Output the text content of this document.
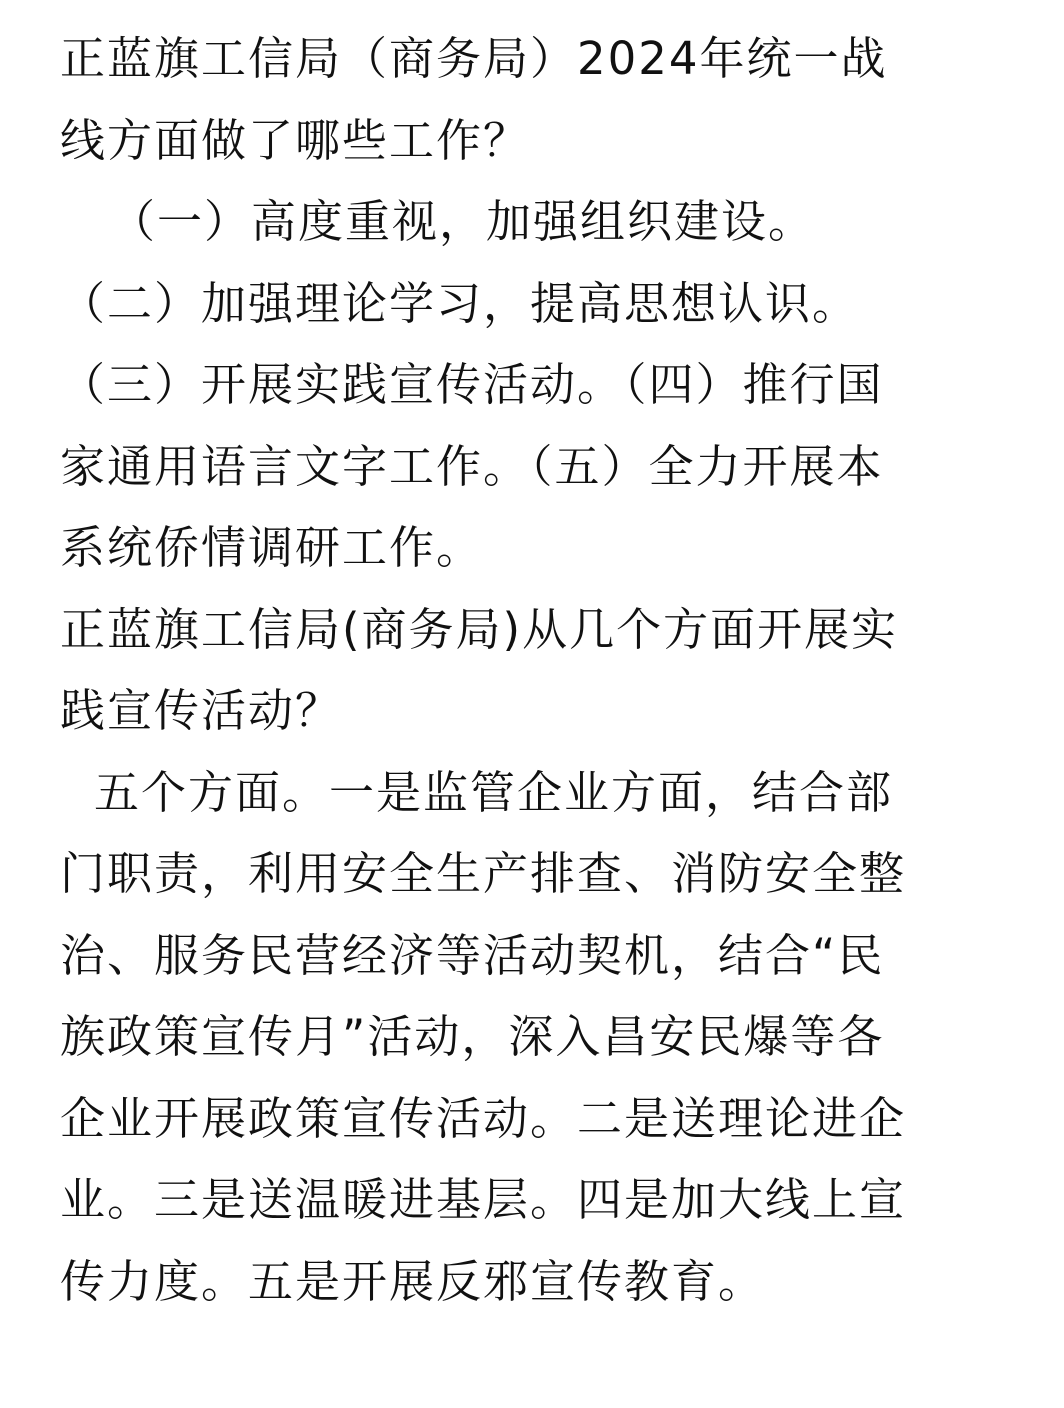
正蓝旗工信局（商务局）2024年统一战
线方面做了哪些工作？
（一）高度重视，加强组织建设。
（二）加强理论学习，提高思想认识。
（三）开展实践宣传活动。（四）推行国
家通用语言文字工作。（五）全力开展本
系统侨情调研工作。
正蓝旗工信局(商务局)从几个方面开展实
践宣传活动？
五个方面。一是监管企业方面，结合部
门职责，利用安全生产排查、消防安全整
治、服务民营经济等活动契机，结合“民
族政策宣传月”活动，深入昌安民爆等各
企业开展政策宣传活动。二是送理论进企
业。三是送温暖进基层。四是加大线上宣
传力度。五是开展反邪宣传教育。
